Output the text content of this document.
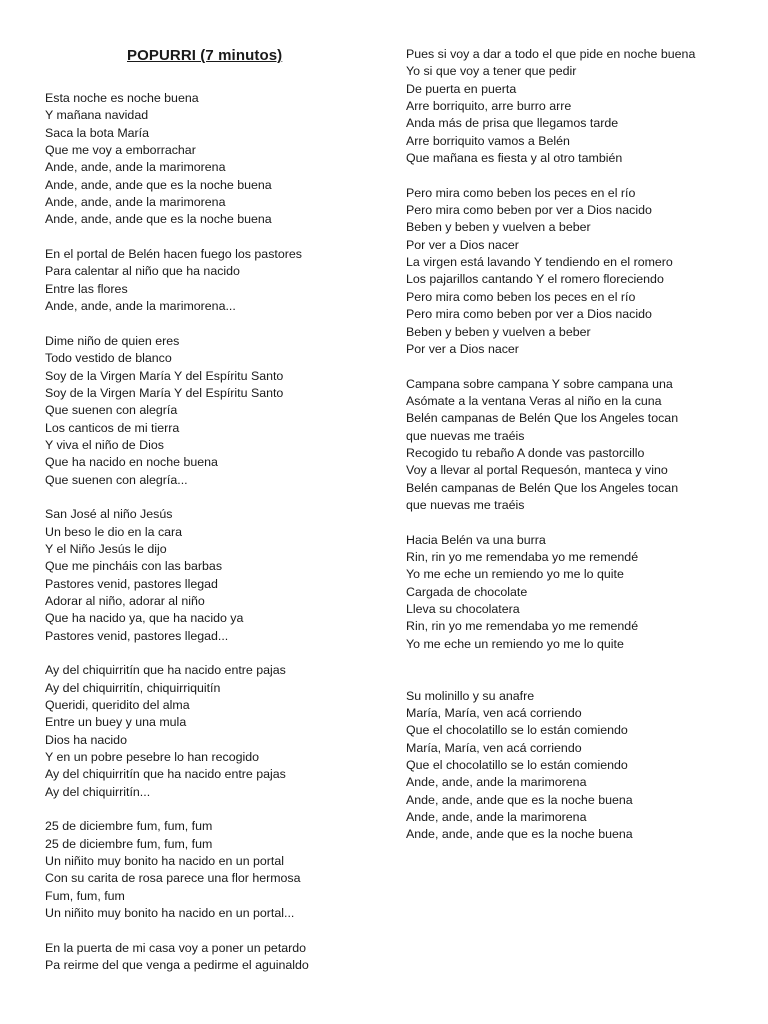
POPURRI (7 minutos)
Esta noche es noche buena
Y mañana navidad
Saca la bota María
Que me voy a emborrachar
Ande, ande, ande la marimorena
Ande, ande, ande que es la noche buena
Ande, ande, ande la marimorena
Ande, ande, ande que es la noche buena
En el portal de Belén hacen fuego los pastores
Para calentar al niño que ha nacido
Entre las flores
Ande, ande, ande la marimorena...
Dime niño de quien eres
Todo vestido de blanco
Soy de la Virgen María Y del Espíritu Santo
Soy de la Virgen María Y del Espíritu Santo
Que suenen con alegría
Los canticos de mi tierra
Y viva el niño de Dios
Que ha nacido en noche buena
Que suenen con alegría...
San José al niño Jesús
Un beso le dio en la cara
Y el Niño Jesús le dijo
Que me pincháis con las barbas
Pastores venid, pastores llegad
Adorar al niño, adorar al niño
Que ha nacido ya, que ha nacido ya
Pastores venid, pastores llegad...
Ay del chiquirritín que ha nacido entre pajas
Ay del chiquirritín, chiquirriquitín
Queridi, queridito del alma
Entre un buey y una mula
Dios ha nacido
Y en un pobre pesebre lo han recogido
Ay del chiquirritín que ha nacido entre pajas
Ay del chiquirritín...
25 de diciembre fum, fum, fum
25 de diciembre fum, fum, fum
Un niñito muy bonito ha nacido en un portal
Con su carita de rosa parece una flor hermosa
Fum, fum, fum
Un niñito muy bonito ha nacido en un portal...
En la puerta de mi casa voy a poner un petardo
Pa reirme del que venga a pedirme el aguinaldo
Pues si voy a dar a todo el que pide en noche buena
Yo si que voy a tener que pedir
De puerta en puerta
Arre borriquito, arre burro arre
Anda más de prisa que llegamos tarde
Arre borriquito vamos a Belén
Que mañana es fiesta y al otro también
Pero mira como beben los peces en el río
Pero mira como beben por ver a Dios nacido
Beben y beben y vuelven a beber
Por ver a Dios nacer
La virgen está lavando Y tendiendo en el romero
Los pajarillos cantando Y el romero floreciendo
Pero mira como beben los peces en el río
Pero mira como beben por ver a Dios nacido
Beben y beben y vuelven a beber
Por ver a Dios nacer
Campana sobre campana Y sobre campana una
Asómate a la ventana Veras al niño en la cuna
Belén campanas de Belén Que los Angeles tocan
que nuevas me traéis
Recogido tu rebaño A donde vas pastorcillo
Voy a llevar al portal Requesón, manteca y vino
Belén campanas de Belén Que los Angeles tocan
que nuevas me traéis
Hacia Belén va una burra
Rin, rin yo me remendaba yo me remendé
Yo me eche un remiendo yo me lo quite
Cargada de chocolate
Lleva su chocolatera
Rin, rin yo me remendaba yo me remendé
Yo me eche un remiendo yo me lo quite
Su molinillo y su anafre
María, María, ven acá corriendo
Que el chocolatillo se lo están comiendo
María, María, ven acá corriendo
Que el chocolatillo se lo están comiendo
Ande, ande, ande la marimorena
Ande, ande, ande que es la noche buena
Ande, ande, ande la marimorena
Ande, ande, ande que es la noche buena
